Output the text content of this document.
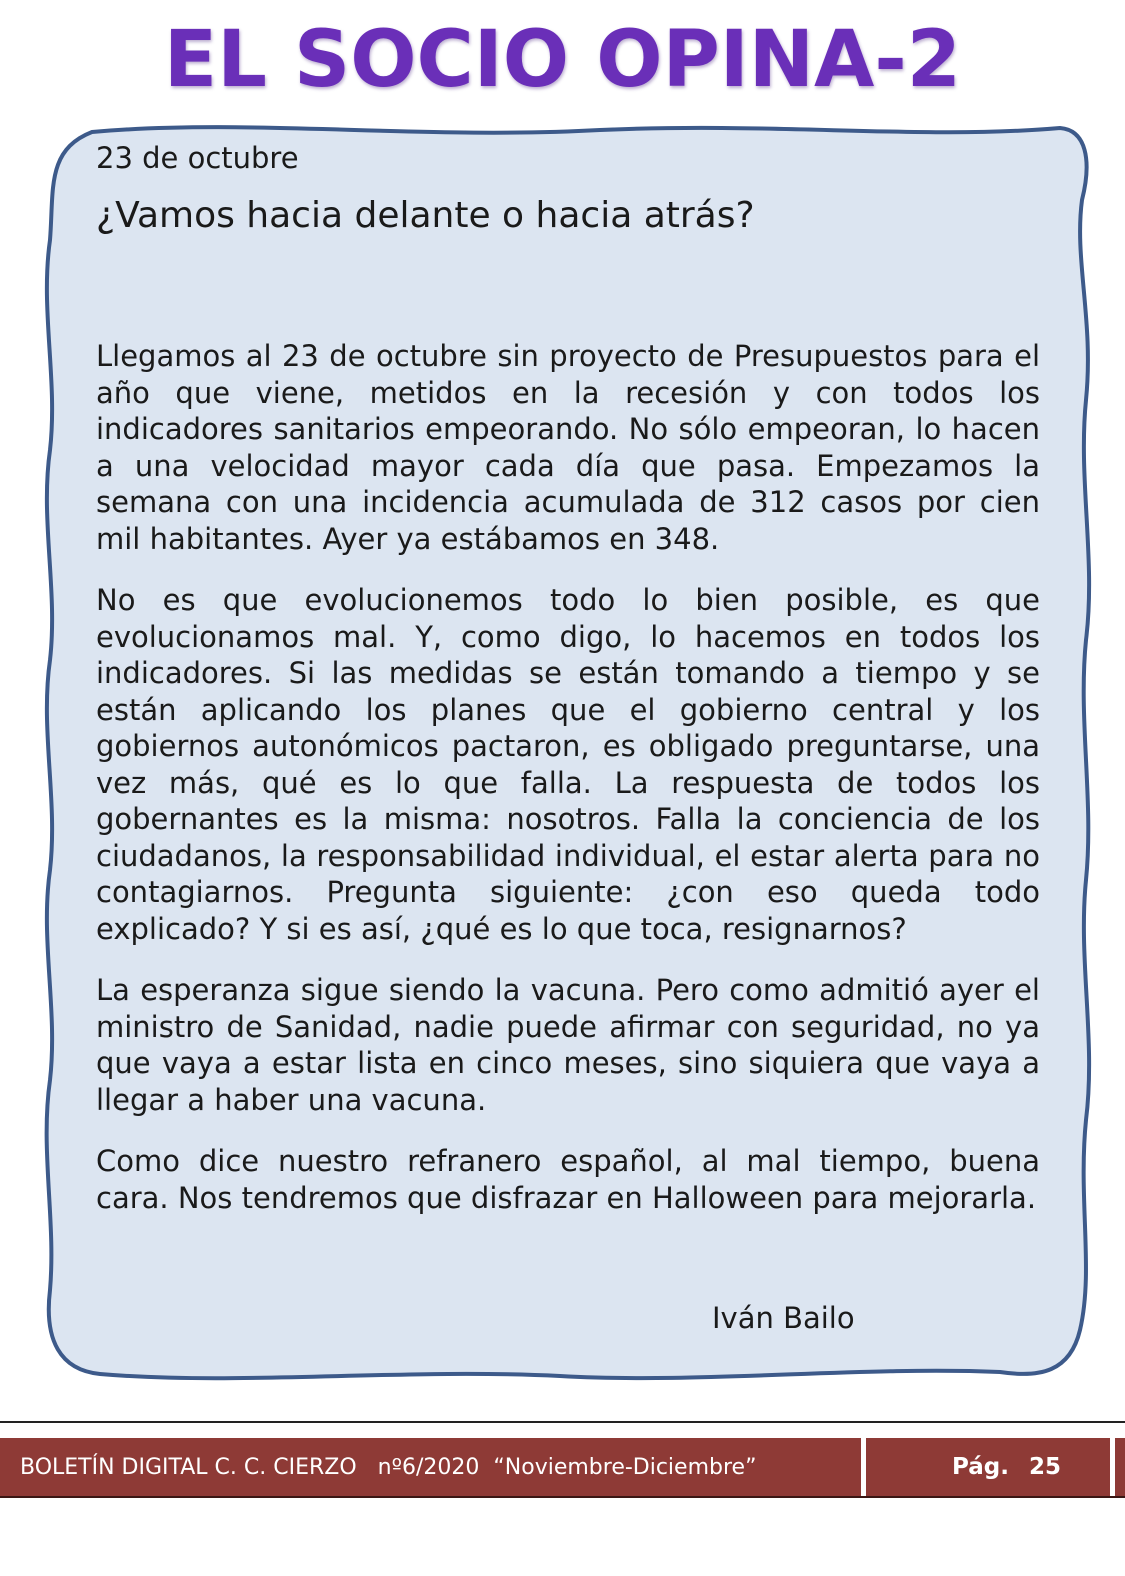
EL SOCIO OPINA-2

23 de octubre

¿Vamos hacia delante o hacia atrás?

Llegamos al 23 de octubre sin proyecto de Presupuestos para el año que viene, metidos en la recesión y con todos los indicadores sanitarios empeorando. No sólo empeoran, lo hacen a una velocidad mayor cada día que pasa. Empezamos la semana con una incidencia acumulada de 312 casos por cien mil habitantes. Ayer ya estábamos en 348.

No es que evolucionemos todo lo bien posible, es que evolucionamos mal. Y, como digo, lo hacemos en todos los indicadores. Si las medidas se están tomando a tiempo y se están aplicando los planes que el gobierno central y los gobiernos autonómicos pactaron, es obligado preguntarse, una vez más, qué es lo que falla. La respuesta de todos los gobernantes es la misma: nosotros. Falla la conciencia de los ciudadanos, la responsabilidad individual, el estar alerta para no contagiarnos. Pregunta siguiente: ¿con eso queda todo explicado? Y si es así, ¿qué es lo que toca, resignarnos?

La esperanza sigue siendo la vacuna. Pero como admitió ayer el ministro de Sanidad, nadie puede afirmar con seguridad, no ya que vaya a estar lista en cinco meses, sino siquiera que vaya a llegar a haber una vacuna.

Como dice nuestro refranero español, al mal tiempo, buena cara. Nos tendremos que disfrazar en Halloween para mejorarla.

Iván Bailo
BOLETÍN DIGITAL C. C. CIERZO
nº6/2020
“Noviembre-Diciembre”	Pág. 25
